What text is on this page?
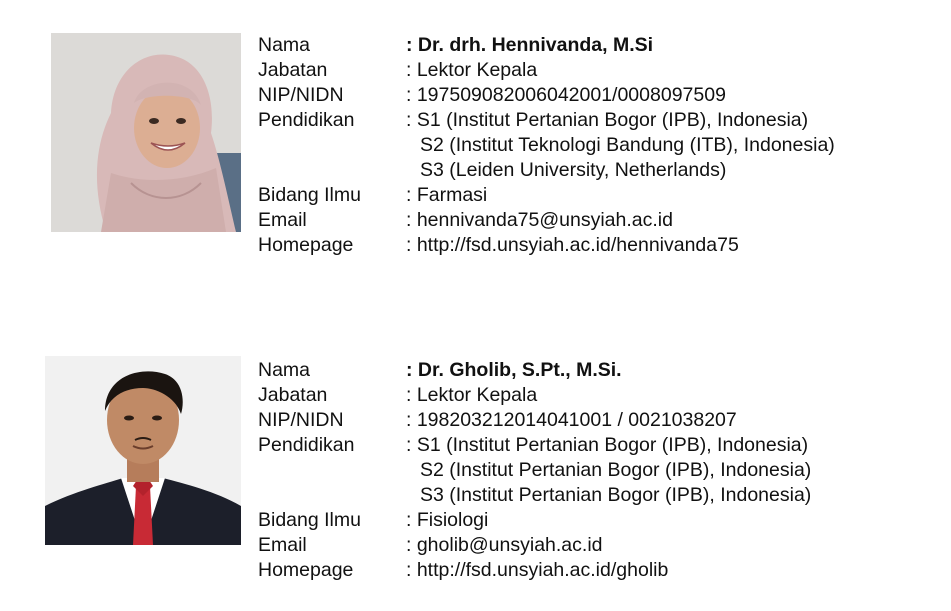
Nama	: Dr. drh. Hennivanda, M.Si
Jabatan	: Lektor Kepala
NIP/NIDN	: 197509082006042001/0008097509
Pendidikan	: S1 (Institut Pertanian Bogor (IPB), Indonesia)
S2 (Institut Teknologi Bandung (ITB), Indonesia)
S3 (Leiden University, Netherlands)
Bidang Ilmu	: Farmasi
Email	: hennivanda75@unsyiah.ac.id
Homepage	: http://fsd.unsyiah.ac.id/hennivanda75
Nama	: Dr. Gholib, S.Pt., M.Si.
Jabatan	: Lektor Kepala
NIP/NIDN	: 198203212014041001 / 0021038207
Pendidikan	: S1 (Institut Pertanian Bogor (IPB), Indonesia)
S2 (Institut Pertanian Bogor (IPB), Indonesia)
S3 (Institut Pertanian Bogor (IPB), Indonesia)
Bidang Ilmu	: Fisiologi
Email	: gholib@unsyiah.ac.id
Homepage	: http://fsd.unsyiah.ac.id/gholib
